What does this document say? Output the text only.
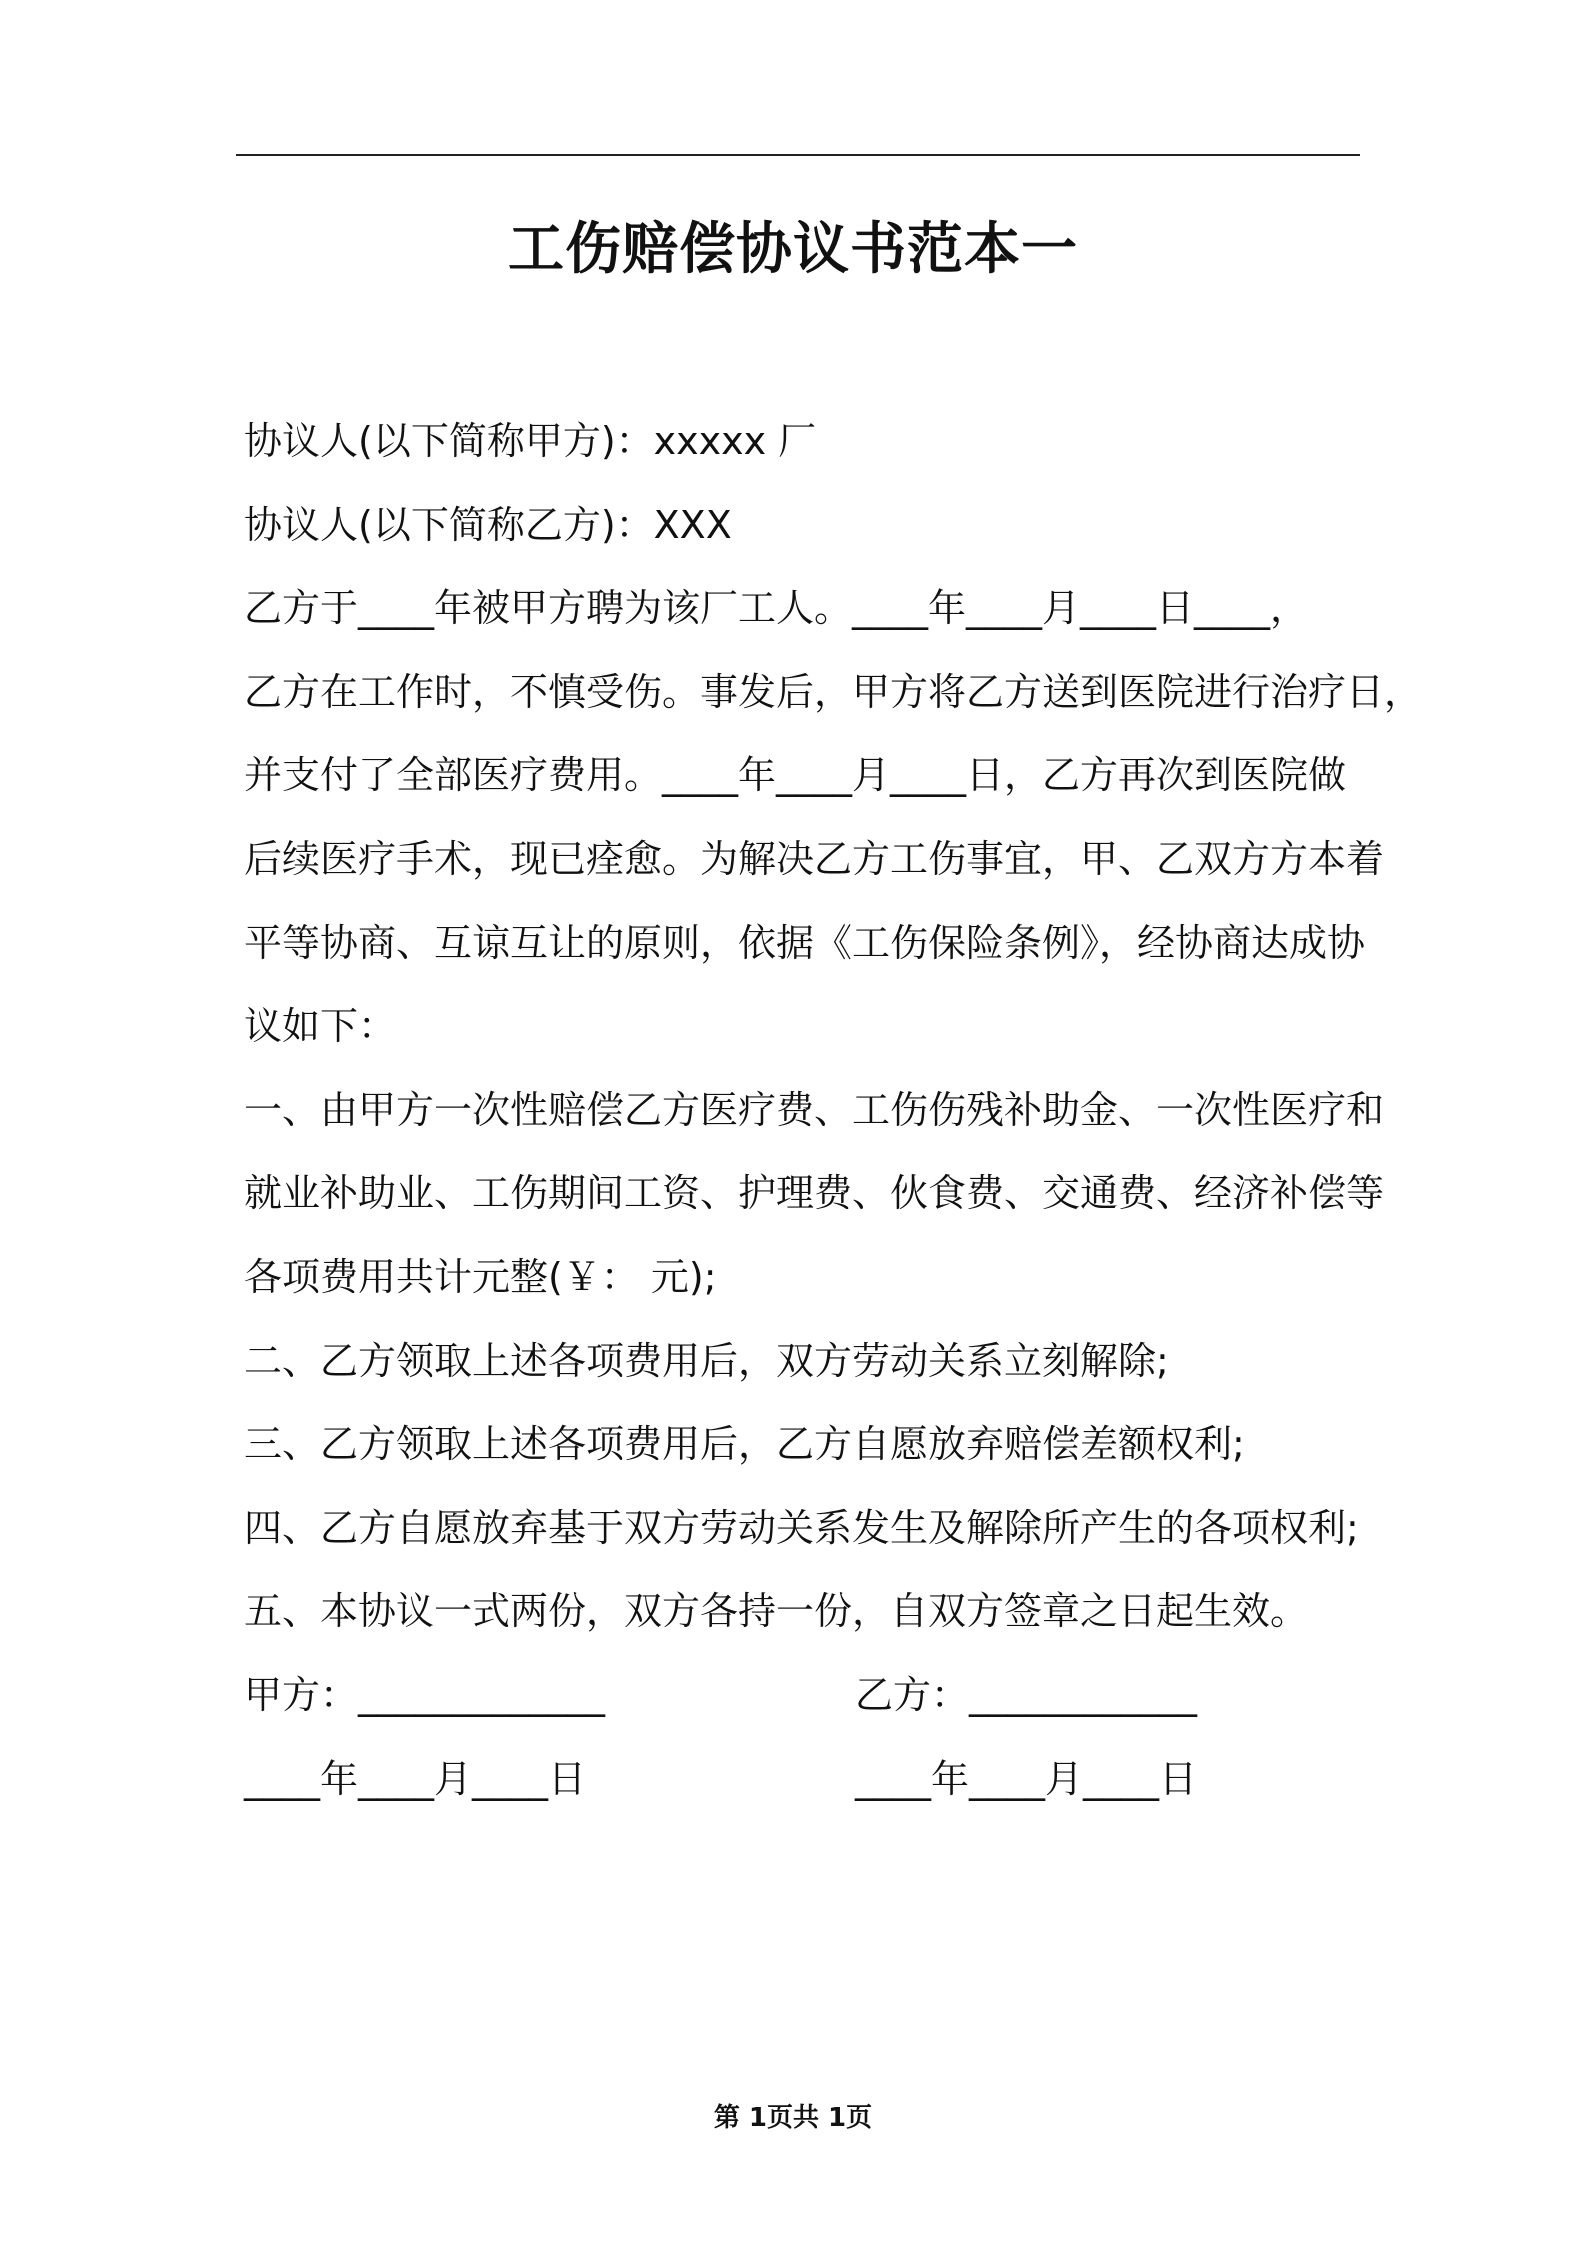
工伤赔偿协议书范本一

协议人(以下简称甲方)：xxxxx 厂

协议人(以下简称乙方)：XXX

乙方于____年被甲方聘为该厂工人。____年____月____日____，

乙方在工作时，不慎受伤。事发后，甲方将乙方送到医院进行治疗日，

并支付了全部医疗费用。____年____月____日，乙方再次到医院做

后续医疗手术，现已痊愈。为解决乙方工伤事宜，甲、乙双方方本着

平等协商、互谅互让的原则，依据《工伤保险条例》，经协商达成协

议如下：

一、由甲方一次性赔偿乙方医疗费、工伤伤残补助金、一次性医疗和

就业补助业、工伤期间工资、护理费、伙食费、交通费、经济补偿等

各项费用共计元整(￥： 元);

二、乙方领取上述各项费用后，双方劳动关系立刻解除;

三、乙方领取上述各项费用后，乙方自愿放弃赔偿差额权利;

四、乙方自愿放弃基于双方劳动关系发生及解除所产生的各项权利;

五、本协议一式两份，双方各持一份，自双方签章之日起生效。

甲方：_____________	乙方：____________
____年____月____日	____年____月____日
第 1页共 1页
